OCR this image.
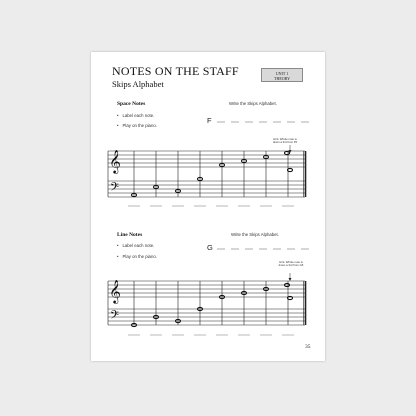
NOTES ON THE STAFF
Skips Alphabet
UNIT 1
THEORY
Space Notes
• Label each note.
• Play on the piano.
Write the Skips Alphabet.
F
Hint: Whole note is
down a 3rd from F5
Line Notes
• Label each note.
• Play on the piano.
Write the Skips Alphabet.
G
Hint: Whole note is
down a 3rd from G5
35
𝄞
𝄢
𝄞
𝄢
